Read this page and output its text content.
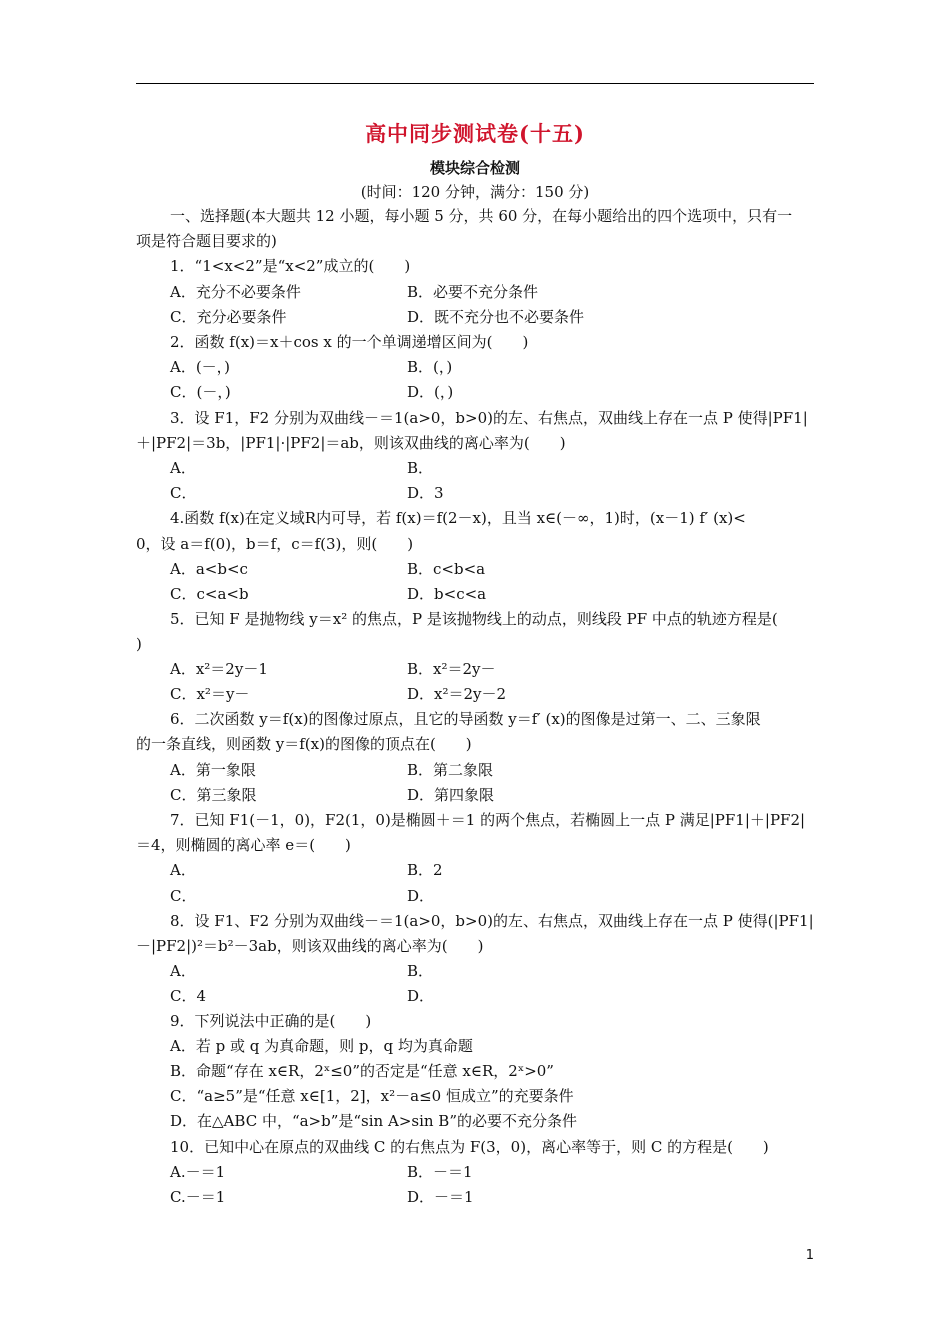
高中同步测试卷(十五)
模块综合检测
(时间：120 分钟，满分：150 分)
一、选择题(本大题共 12 小题，每小题 5 分，共 60 分，在每小题给出的四个选项中，只有一
项是符合题目要求的)
1．“1<x<2”是“x<2”成立的(　　)
A．充分不必要条件	B．必要不充分条件
C．充分必要条件	D．既不充分也不必要条件
2．函数 f(x)＝x＋cos x 的一个单调递增区间为(　　)
A．(－，)	B．(，)
C．(－，)	D．(，)
3．设 F1，F2 分别为双曲线－＝1(a>0，b>0)的左、右焦点，双曲线上存在一点 P 使得|PF1|
＋|PF2|＝3b，|PF1|·|PF2|＝ab，则该双曲线的离心率为(　　)
A．	B．
C．	D．3
4.函数 f(x)在定义域R内可导，若 f(x)＝f(2－x)，且当 x∈(－∞，1)时，(x－1) f′ (x)<
0，设 a＝f(0)，b＝f，c＝f(3)，则(　　)
A．a<b<c	B．c<b<a
C．c<a<b	D．b<c<a
5．已知 F 是抛物线 y＝x² 的焦点，P 是该抛物线上的动点，则线段 PF 中点的轨迹方程是(
)
A．x²＝2y－1	B．x²＝2y－
C．x²＝y－	D．x²＝2y－2
6．二次函数 y＝f(x)的图像过原点，且它的导函数 y＝f′ (x)的图像是过第一、二、三象限
的一条直线，则函数 y＝f(x)的图像的顶点在(　　)
A．第一象限	B．第二象限
C．第三象限	D．第四象限
7．已知 F1(－1，0)，F2(1，0)是椭圆＋＝1 的两个焦点，若椭圆上一点 P 满足|PF1|＋|PF2|
＝4，则椭圆的离心率 e＝(　　)
A．	B．2
C．	D．
8．设 F1、F2 分别为双曲线－＝1(a>0，b>0)的左、右焦点，双曲线上存在一点 P 使得(|PF1|
－|PF2|)²＝b²－3ab，则该双曲线的离心率为(　　)
A．	B．
C．4	D．
9．下列说法中正确的是(　　)
A．若 p 或 q 为真命题，则 p，q 均为真命题
B．命题“存在 x∈R，2ˣ≤0”的否定是“任意 x∈R，2ˣ>0”
C．“a≥5”是“任意 x∈[1，2]，x²－a≤0 恒成立”的充要条件
D．在△ABC 中，“a>b”是“sin A>sin B”的必要不充分条件
10．已知中心在原点的双曲线 C 的右焦点为 F(3，0)，离心率等于，则 C 的方程是(　　)
A.－＝1	B．－＝1
C.－＝1	D．－＝1
1
